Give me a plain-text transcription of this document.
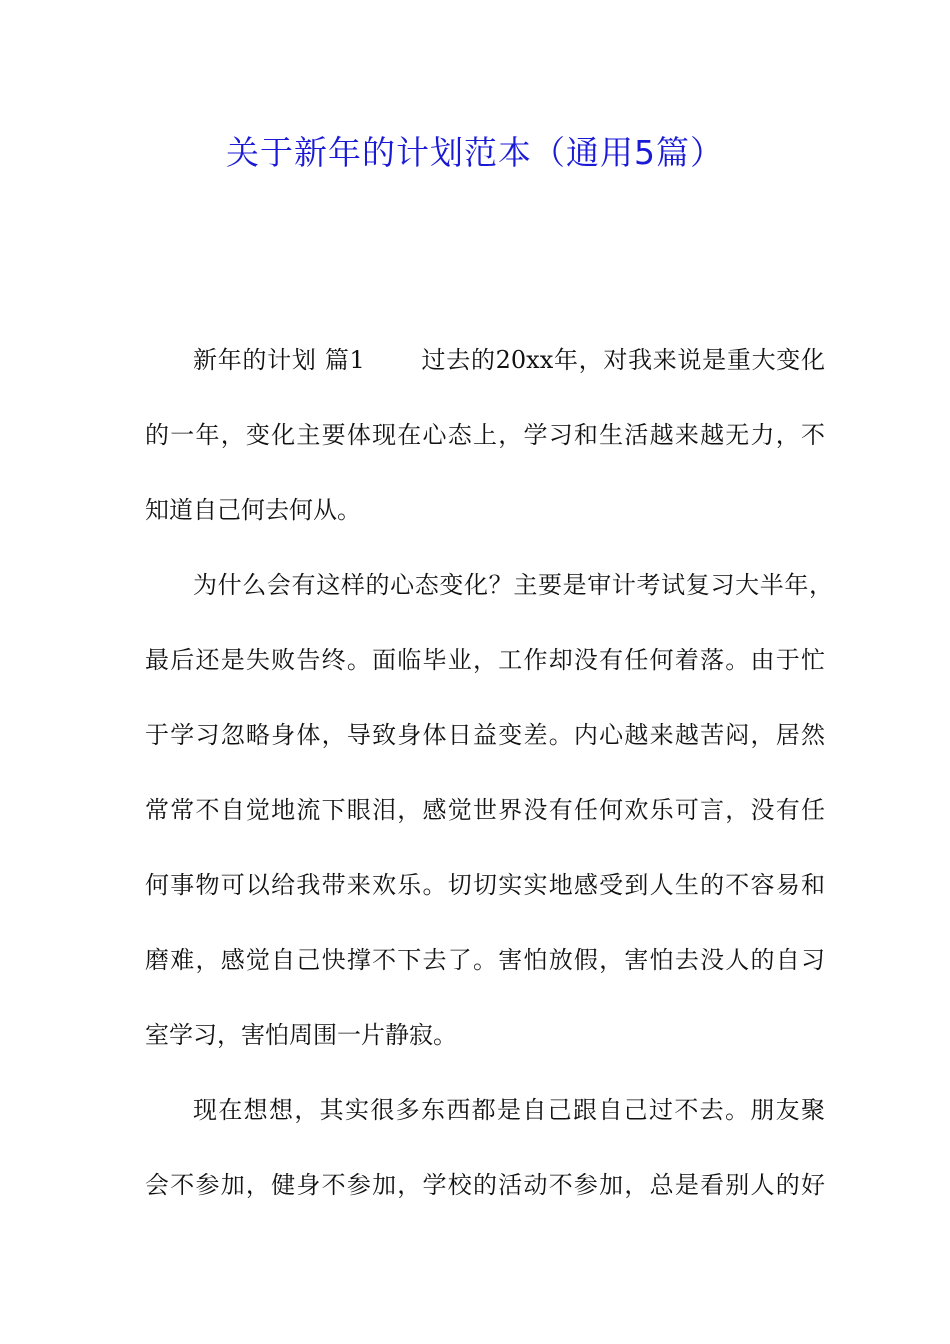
关于新年的计划范本（通用5篇）
新年的计划 篇1 过去的20xx年，对我来说是重大变化
的一年，变化主要体现在心态上，学习和生活越来越无力，不
知道自己何去何从。
为什么会有这样的心态变化？主要是审计考试复习大半年，
最后还是失败告终。面临毕业，工作却没有任何着落。由于忙
于学习忽略身体，导致身体日益变差。内心越来越苦闷，居然
常常不自觉地流下眼泪，感觉世界没有任何欢乐可言，没有任
何事物可以给我带来欢乐。切切实实地感受到人生的不容易和
磨难，感觉自己快撑不下去了。害怕放假，害怕去没人的自习
室学习，害怕周围一片静寂。
现在想想，其实很多东西都是自己跟自己过不去。朋友聚
会不参加，健身不参加，学校的活动不参加，总是看别人的好
